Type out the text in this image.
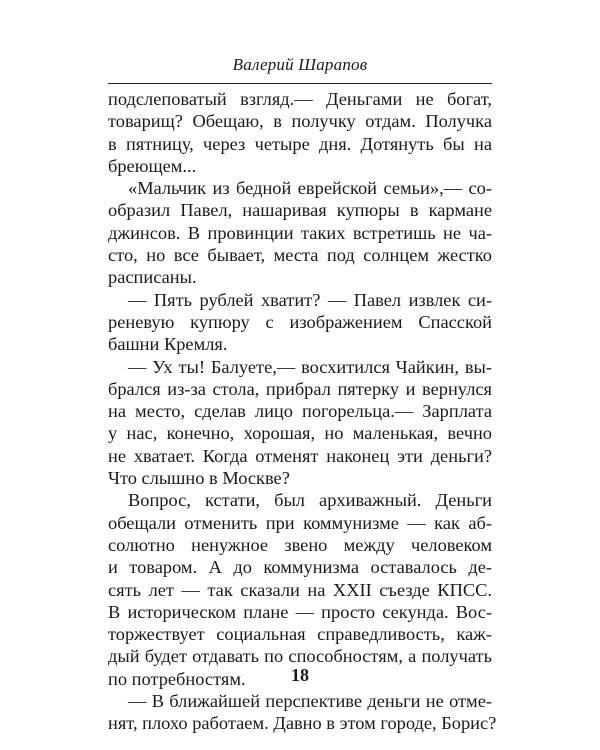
Валерий Шарапов

подслеповатый взгляд.— Деньгами не богат,
товарищ? Обещаю, в получку отдам. Получка
в пятницу, через четыре дня. Дотянуть бы на
бреющем...

«Мальчик из бедной еврейской семьи»,— со-
образил Павел, нашаривая купюры в кармане
джинсов. В провинции таких встретишь не ча-
сто, но все бывает, места под солнцем жестко
расписаны.

— Пять рублей хватит? — Павел извлек си-
реневую купюру с изображением Спасской
башни Кремля.

— Ух ты! Балуете,— восхитился Чайкин, вы-
брался из-за стола, прибрал пятерку и вернулся
на место, сделав лицо погорельца.— Зарплата
у нас, конечно, хорошая, но маленькая, вечно
не хватает. Когда отменят наконец эти деньги?
Что слышно в Москве?

Вопрос, кстати, был архиважный. Деньги
обещали отменить при коммунизме — как аб-
солютно ненужное звено между человеком
и товаром. А до коммунизма оставалось де-
сять лет — так сказали на XXII съезде КПСС.
В историческом плане — просто секунда. Вос-
торжествует социальная справедливость, каж-
дый будет отдавать по способностям, а получать
по потребностям.

— В ближайшей перспективе деньги не отме-
нят, плохо работаем. Давно в этом городе, Борис?

18
